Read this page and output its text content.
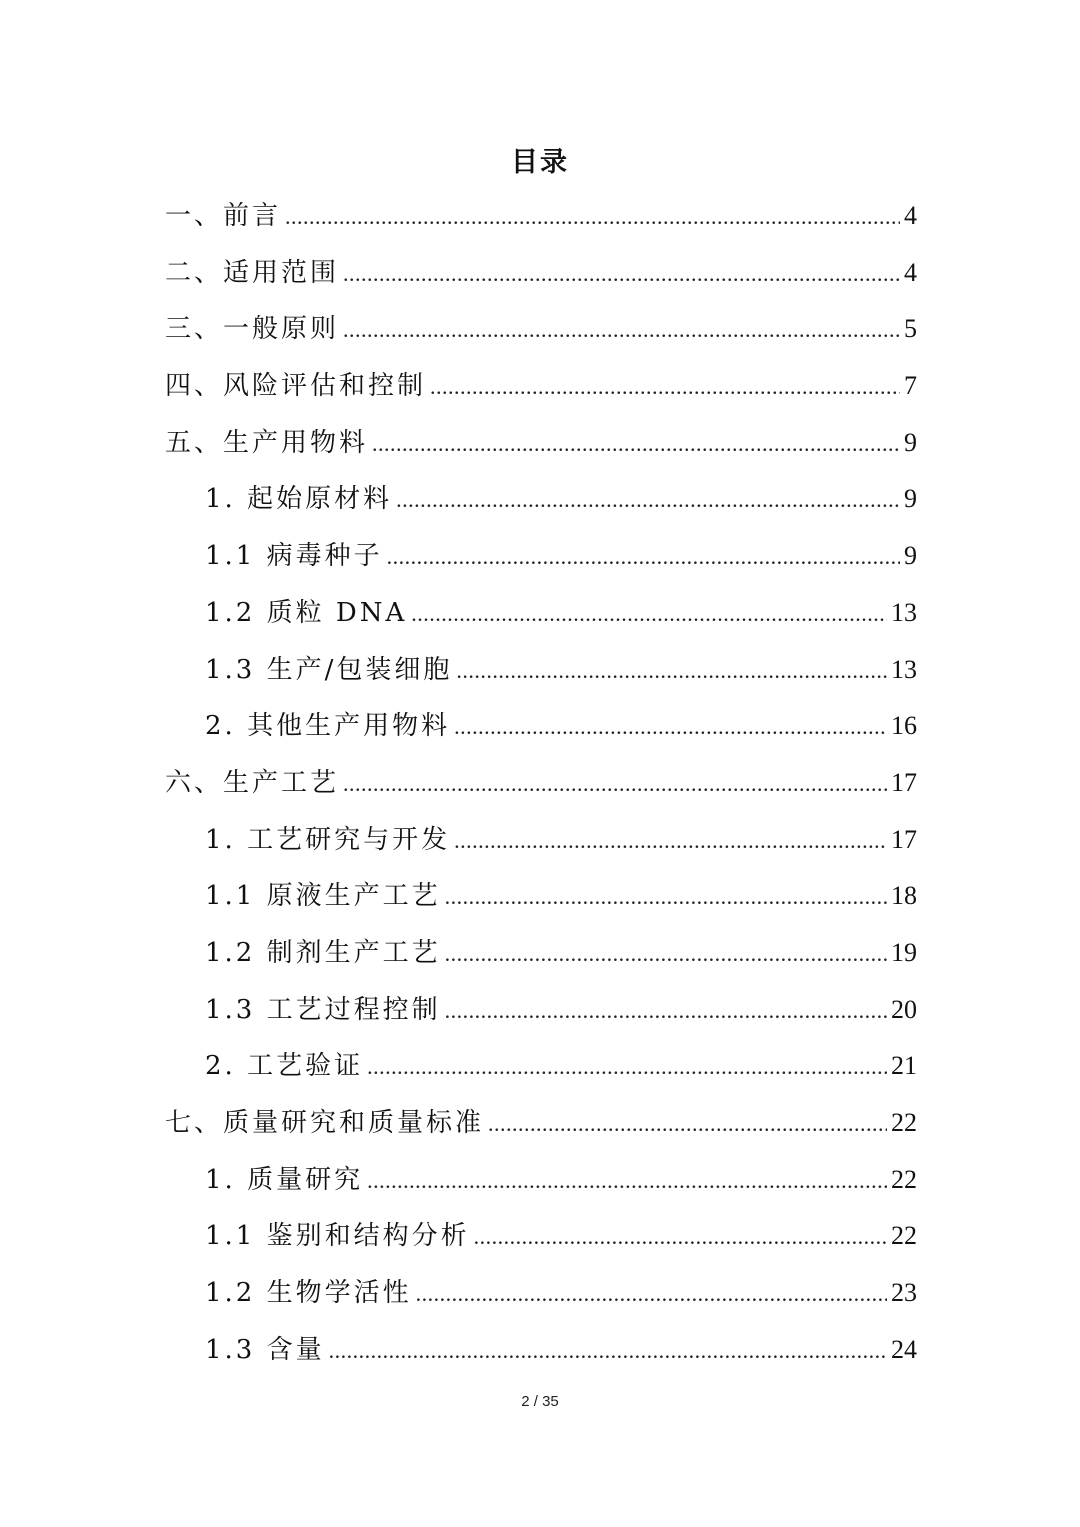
目录
一、前言 .....	4
二、适用范围 .....	4
三、一般原则 .....	5
四、风险评估和控制 .....	7
五、生产用物料 .....	9
1. 起始原材料 .....	9
1.1 病毒种子 .....	9
1.2 质粒 DNA .....	13
1.3 生产/包装细胞 .....	13
2. 其他生产用物料 .....	16
六、生产工艺 .....	17
1. 工艺研究与开发 .....	17
1.1 原液生产工艺 .....	18
1.2 制剂生产工艺 .....	19
1.3 工艺过程控制 .....	20
2. 工艺验证 .....	21
七、质量研究和质量标准 .....	22
1. 质量研究 .....	22
1.1 鉴别和结构分析 .....	22
1.2 生物学活性 .....	23
1.3 含量 .....	24
2 / 35
